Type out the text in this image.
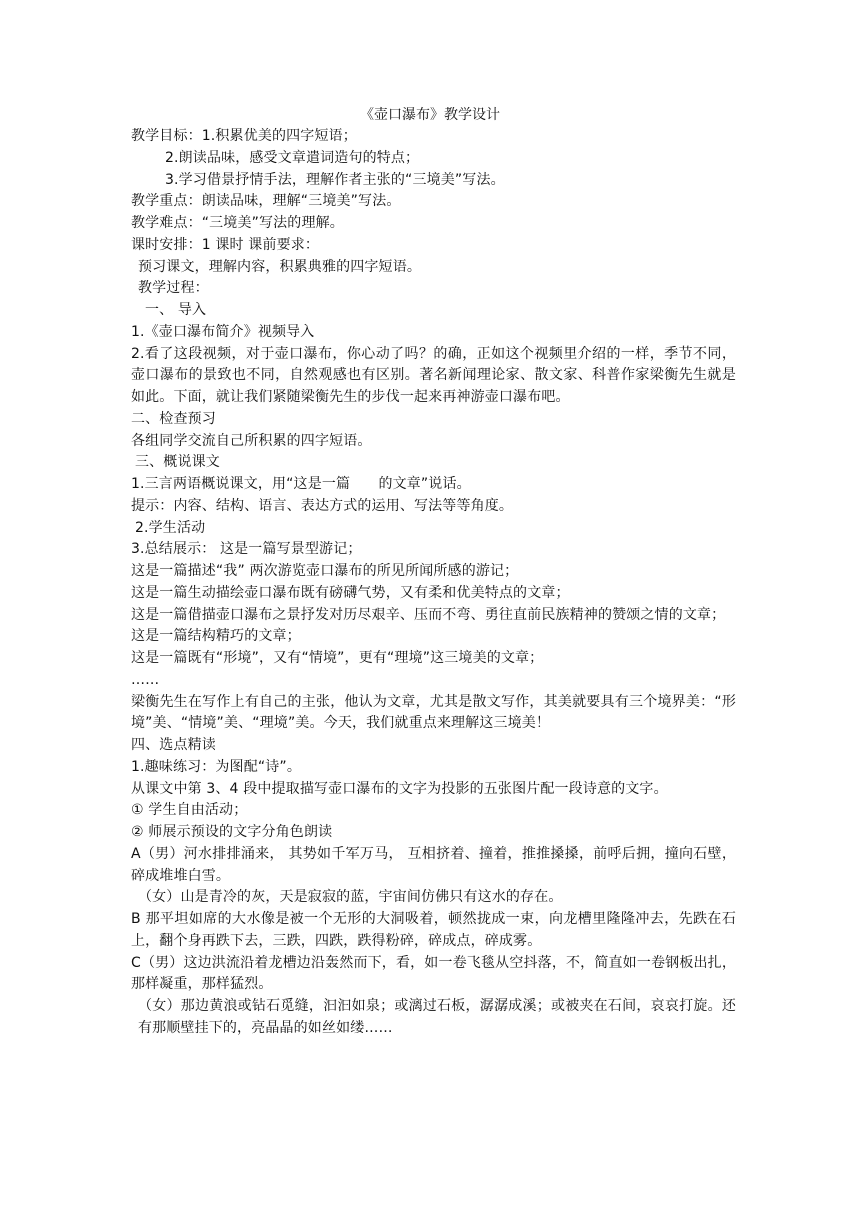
《壶口瀑布》教学设计

教学目标：1.积累优美的四字短语；

2.朗读品味，感受文章遣词造句的特点；

3.学习借景抒情手法，理解作者主张的“三境美”写法。

教学重点：朗读品味，理解“三境美”写法。

教学难点：“三境美”写法的理解。

课时安排：1 课时 课前要求：

预习课文，理解内容，积累典雅的四字短语。

教学过程：

一、 导入

1.《壶口瀑布简介》视频导入

2.看了这段视频，对于壶口瀑布，你心动了吗？的确，正如这个视频里介绍的一样，季节不同，壶口瀑布的景致也不同，自然观感也有区别。著名新闻理论家、散文家、科普作家梁衡先生就是如此。下面，就让我们紧随梁衡先生的步伐一起来再神游壶口瀑布吧。

二、检查预习

各组同学交流自己所积累的四字短语。

三、概说课文

1.三言两语概说课文，用“这是一篇　　的文章”说话。

提示：内容、结构、语言、表达方式的运用、写法等等角度。

2.学生活动

3.总结展示： 这是一篇写景型游记；

这是一篇描述“我” 两次游览壶口瀑布的所见所闻所感的游记；

这是一篇生动描绘壶口瀑布既有磅礴气势，又有柔和优美特点的文章；

这是一篇借描壶口瀑布之景抒发对历尽艰辛、压而不弯、勇往直前民族精神的赞颂之情的文章；

这是一篇结构精巧的文章；

这是一篇既有“形境”，又有“情境”，更有“理境”这三境美的文章；

……

梁衡先生在写作上有自己的主张，他认为文章，尤其是散文写作，其美就要具有三个境界美：“形境”美、“情境”美、“理境”美。今天，我们就重点来理解这三境美！

四、选点精读

1.趣味练习：为图配“诗”。

从课文中第 3、4 段中提取描写壶口瀑布的文字为投影的五张图片配一段诗意的文字。

① 学生自由活动；

② 师展示预设的文字分角色朗读

A（男）河水排排涌来， 其势如千军万马， 互相挤着、撞着，推推搡搡，前呼后拥，撞向石壁，碎成堆堆白雪。

（女）山是青冷的灰，天是寂寂的蓝，宇宙间仿佛只有这水的存在。

B 那平坦如席的大水像是被一个无形的大洞吸着，顿然拢成一束，向龙槽里隆隆冲去，先跌在石上，翻个身再跌下去，三跌，四跌，跌得粉碎，碎成点，碎成雾。

C（男）这边洪流沿着龙槽边沿轰然而下，看，如一卷飞毯从空抖落，不，简直如一卷钢板出扎，那样凝重，那样猛烈。

（女）那边黄浪或钻石觅缝，汩汩如泉；或漓过石板，潺潺成溪；或被夹在石间，哀哀打旋。还有那顺壁挂下的，亮晶晶的如丝如缕……
